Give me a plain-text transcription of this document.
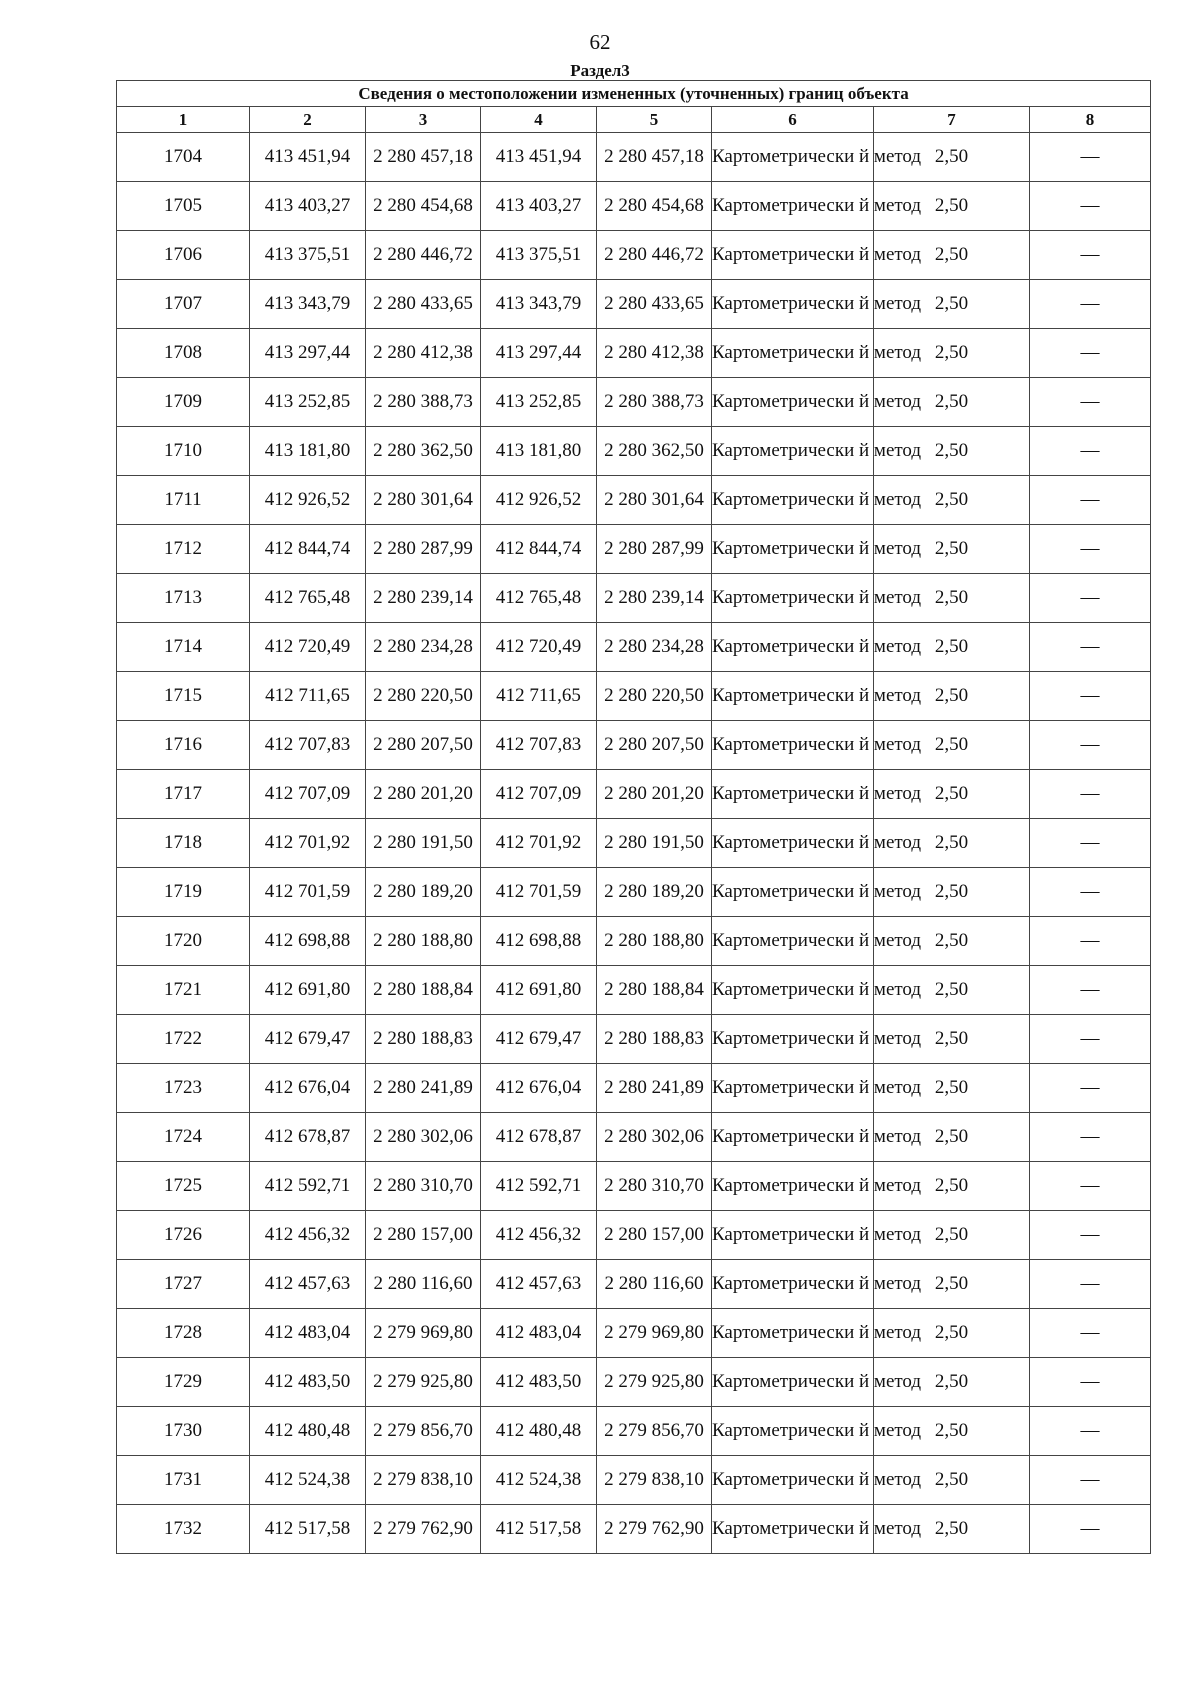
62
Раздел3
Сведения о местоположении измененных (уточненных) границ объекта							
1	2	3	4	5	6	7	8
1704	413 451,94	2 280 457,18	413 451,94	2 280 457,18	Картометрически й метод	2,50	—
1705	413 403,27	2 280 454,68	413 403,27	2 280 454,68	Картометрически й метод	2,50	—
1706	413 375,51	2 280 446,72	413 375,51	2 280 446,72	Картометрически й метод	2,50	—
1707	413 343,79	2 280 433,65	413 343,79	2 280 433,65	Картометрически й метод	2,50	—
1708	413 297,44	2 280 412,38	413 297,44	2 280 412,38	Картометрически й метод	2,50	—
1709	413 252,85	2 280 388,73	413 252,85	2 280 388,73	Картометрически й метод	2,50	—
1710	413 181,80	2 280 362,50	413 181,80	2 280 362,50	Картометрически й метод	2,50	—
1711	412 926,52	2 280 301,64	412 926,52	2 280 301,64	Картометрически й метод	2,50	—
1712	412 844,74	2 280 287,99	412 844,74	2 280 287,99	Картометрически й метод	2,50	—
1713	412 765,48	2 280 239,14	412 765,48	2 280 239,14	Картометрически й метод	2,50	—
1714	412 720,49	2 280 234,28	412 720,49	2 280 234,28	Картометрически й метод	2,50	—
1715	412 711,65	2 280 220,50	412 711,65	2 280 220,50	Картометрически й метод	2,50	—
1716	412 707,83	2 280 207,50	412 707,83	2 280 207,50	Картометрически й метод	2,50	—
1717	412 707,09	2 280 201,20	412 707,09	2 280 201,20	Картометрически й метод	2,50	—
1718	412 701,92	2 280 191,50	412 701,92	2 280 191,50	Картометрически й метод	2,50	—
1719	412 701,59	2 280 189,20	412 701,59	2 280 189,20	Картометрически й метод	2,50	—
1720	412 698,88	2 280 188,80	412 698,88	2 280 188,80	Картометрически й метод	2,50	—
1721	412 691,80	2 280 188,84	412 691,80	2 280 188,84	Картометрически й метод	2,50	—
1722	412 679,47	2 280 188,83	412 679,47	2 280 188,83	Картометрически й метод	2,50	—
1723	412 676,04	2 280 241,89	412 676,04	2 280 241,89	Картометрически й метод	2,50	—
1724	412 678,87	2 280 302,06	412 678,87	2 280 302,06	Картометрически й метод	2,50	—
1725	412 592,71	2 280 310,70	412 592,71	2 280 310,70	Картометрически й метод	2,50	—
1726	412 456,32	2 280 157,00	412 456,32	2 280 157,00	Картометрически й метод	2,50	—
1727	412 457,63	2 280 116,60	412 457,63	2 280 116,60	Картометрически й метод	2,50	—
1728	412 483,04	2 279 969,80	412 483,04	2 279 969,80	Картометрически й метод	2,50	—
1729	412 483,50	2 279 925,80	412 483,50	2 279 925,80	Картометрически й метод	2,50	—
1730	412 480,48	2 279 856,70	412 480,48	2 279 856,70	Картометрически й метод	2,50	—
1731	412 524,38	2 279 838,10	412 524,38	2 279 838,10	Картометрически й метод	2,50	—
1732	412 517,58	2 279 762,90	412 517,58	2 279 762,90	Картометрически й метод	2,50	—
